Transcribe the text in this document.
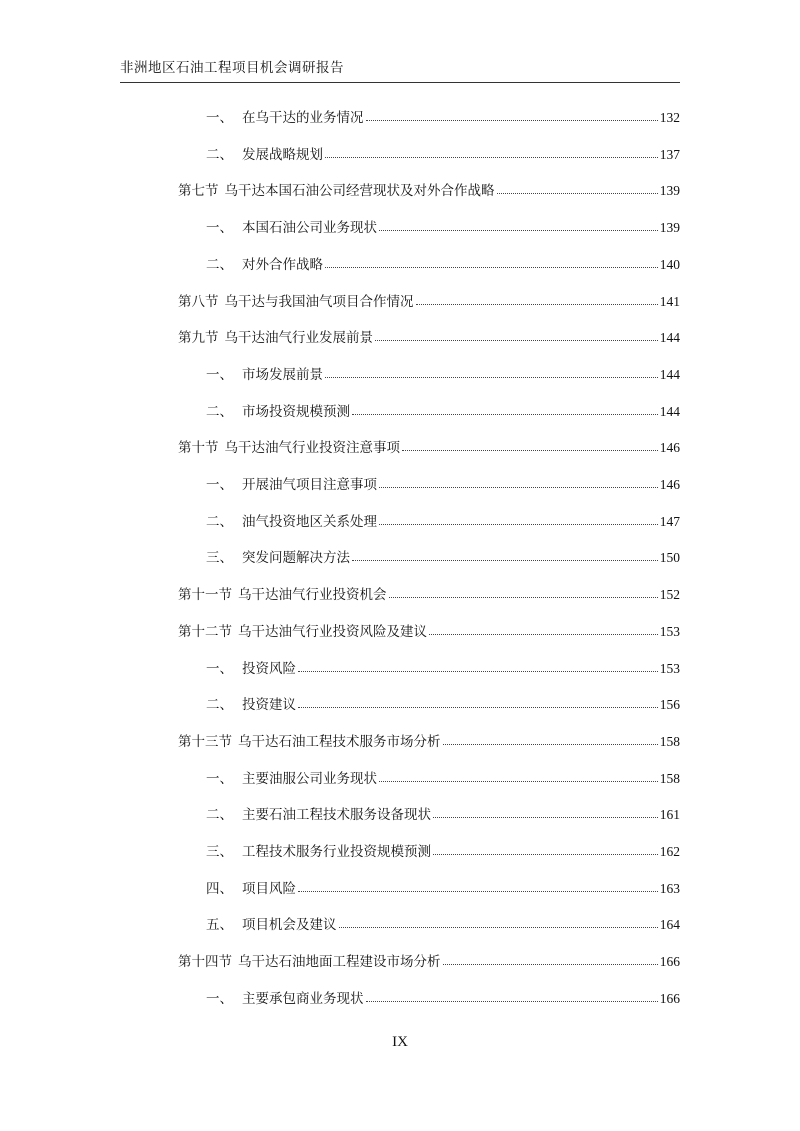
非洲地区石油工程项目机会调研报告
一、 在乌干达的业务情况	132
二、 发展战略规划	137
第七节 乌干达本国石油公司经营现状及对外合作战略	139
一、 本国石油公司业务现状	139
二、 对外合作战略	140
第八节 乌干达与我国油气项目合作情况	141
第九节 乌干达油气行业发展前景	144
一、 市场发展前景	144
二、 市场投资规模预测	144
第十节 乌干达油气行业投资注意事项	146
一、 开展油气项目注意事项	146
二、 油气投资地区关系处理	147
三、 突发问题解决方法	150
第十一节 乌干达油气行业投资机会	152
第十二节 乌干达油气行业投资风险及建议	153
一、 投资风险	153
二、 投资建议	156
第十三节 乌干达石油工程技术服务市场分析	158
一、 主要油服公司业务现状	158
二、 主要石油工程技术服务设备现状	161
三、 工程技术服务行业投资规模预测	162
四、 项目风险	163
五、 项目机会及建议	164
第十四节 乌干达石油地面工程建设市场分析	166
一、 主要承包商业务现状	166
IX
